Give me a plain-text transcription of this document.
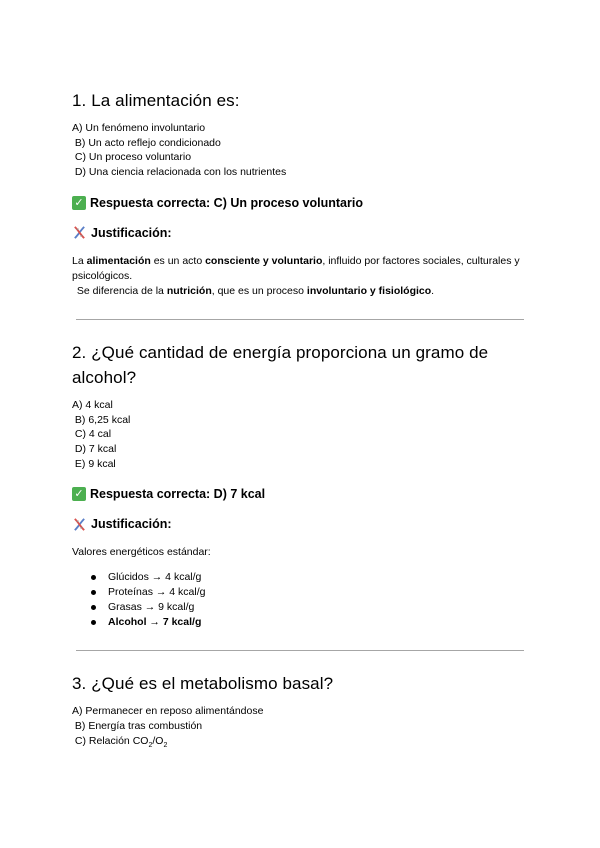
1. La alimentación es:
A) Un fenómeno involuntario
B) Un acto reflejo condicionado
C) Un proceso voluntario
D) Una ciencia relacionada con los nutrientes
✓ Respuesta correcta: C) Un proceso voluntario
Justificación:
La alimentación es un acto consciente y voluntario, influido por factores sociales, culturales y psicológicos.
Se diferencia de la nutrición, que es un proceso involuntario y fisiológico.
2. ¿Qué cantidad de energía proporciona un gramo de alcohol?
A) 4 kcal
B) 6,25 kcal
C) 4 cal
D) 7 kcal
E) 9 kcal
✓ Respuesta correcta: D) 7 kcal
Justificación:
Valores energéticos estándar:
Glúcidos → 4 kcal/g
Proteínas → 4 kcal/g
Grasas → 9 kcal/g
Alcohol → 7 kcal/g
3. ¿Qué es el metabolismo basal?
A) Permanecer en reposo alimentándose
B) Energía tras combustión
C) Relación $CO_2/O_2$
